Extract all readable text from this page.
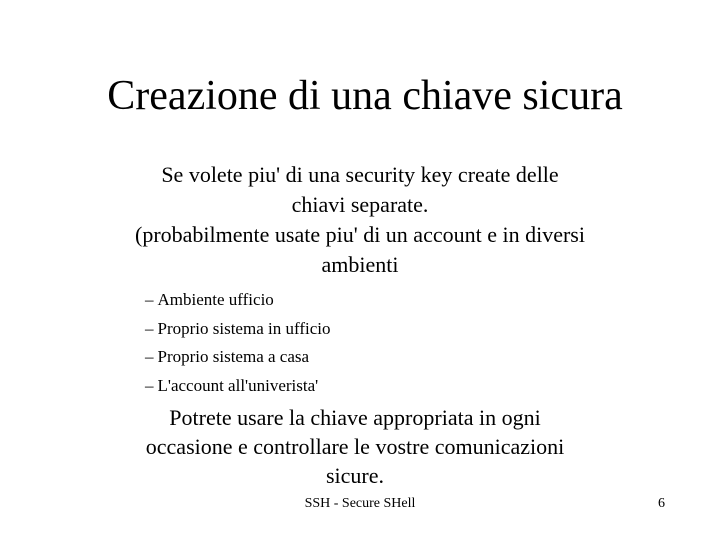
Creazione di una chiave sicura
Se volete piu' di una security key create delle
chiavi separate.
(probabilmente usate piu' di un account e in diversi
ambienti
– Ambiente ufficio
– Proprio sistema in ufficio
– Proprio sistema a casa
– L'account all'univerista'
Potrete usare la chiave appropriata in ogni
occasione e controllare le vostre comunicazioni
sicure.
SSH - Secure SHell	6
